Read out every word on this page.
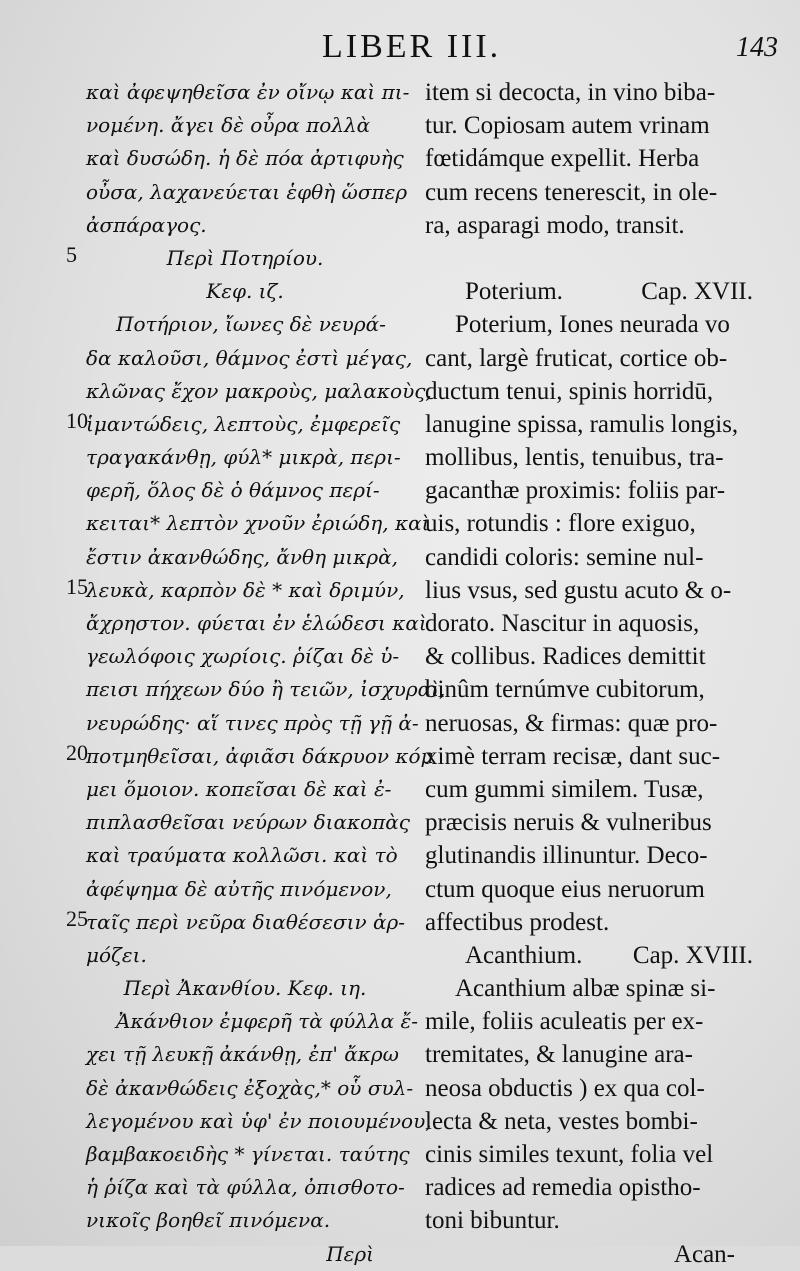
LIBER III.	143
5
10
15
20
25
καὶ ἀφεψηθεῖσα ἐν οἴνῳ καὶ πι-
νομένη. ἄγει δὲ οὖρα πολλὰ
καὶ δυσώδη. ἡ δὲ πόα ἀρτιφυὴς
οὖσα, λαχανεύεται ἑφθὴ ὥσπερ
ἀσπάραγος.
Περὶ Ποτηρίου.
Κεφ. ιζ.
Ποτήριον, ἴωνες δὲ νευρά-
δα καλοῦσι, θάμνος ἐστὶ μέγας,
κλῶνας ἔχον μακροὺς, μαλακοὺς,
ἱμαντώδεις, λεπτοὺς, ἐμφερεῖς
τραγακάνθῃ, φύλ* μικρὰ, περι-
φερῆ, ὅλος δὲ ὁ θάμνος περί-
κειται* λεπτὸν χνοῦν ἐριώδη, καὶ
ἔστιν ἀκανθώδης, ἄνθη μικρὰ,
λευκὰ, καρπὸν δὲ * καὶ δριμύν,
ἄχρηστον. φύεται ἐν ἑλώδεσι καὶ
γεωλόφοις χωρίοις. ῥίζαι δὲ ὑ-
πεισι πήχεων δύο ἢ τειῶν, ἰσχυραὶ,
νευρώδης· αἵ τινες πρὸς τῇ γῇ ἀ-
ποτμηθεῖσαι, ἀφιᾶσι δάκρυον κόμ
μει ὅμοιον. κοπεῖσαι δὲ καὶ ἐ-
πιπλασθεῖσαι νεύρων διακοπὰς
καὶ τραύματα κολλῶσι. καὶ τὸ
ἀφέψημα δὲ αὐτῆς πινόμενον,
ταῖς περὶ νεῦρα διαθέσεσιν ἁρ-
μόζει.
Περὶ Ἀκανθίου. Κεφ. ιη.
Ἀκάνθιον ἐμφερῆ τὰ φύλλα ἔ-
χει τῇ λευκῇ ἀκάνθῃ, ἐπ' ἄκρω
δὲ ἀκανθώδεις ἐξοχὰς,* οὗ συλ-
λεγομένου καὶ ὑφ' ἐν ποιουμένου,
βαμβακοειδὴς * γίνεται. ταύτης
ἡ ῥίζα καὶ τὰ φύλλα, ὀπισθοτο-
νικοῖς βοηθεῖ πινόμενα.
Περὶ
item si decocta, in vino biba-
tur. Copiosam autem vrinam
fœtidámque expellit. Herba
cum recens tenerescit, in ole-
ra, asparagi modo, transit.
Poterium.	Cap. XVII.
Poterium, Iones neurada vo
cant, largè fruticat, cortice ob-
ductum tenui, spinis horridū,
lanugine spissa, ramulis longis,
mollibus, lentis, tenuibus, tra-
gacanthæ proximis: foliis par-
uis, rotundis : flore exiguo,
candidi coloris: semine nul-
lius vsus, sed gustu acuto & o-
dorato. Nascitur in aquosis,
& collibus. Radices demittit
binûm ternúmve cubitorum,
neruosas, & firmas: quæ pro-
ximè terram recisæ, dant suc-
cum gummi similem. Tusæ,
præcisis neruis & vulneribus
glutinandis illinuntur. Deco-
ctum quoque eius neruorum
affectibus prodest.
Acanthium. Cap. XVIII.
Acanthium albæ spinæ si-
mile, foliis aculeatis per ex-
tremitates, & lanugine ara-
neosa obductis ) ex qua col-
lecta & neta, vestes bombi-
cinis similes texunt, folia vel
radices ad remedia opistho-
toni bibuntur.
Acan-
